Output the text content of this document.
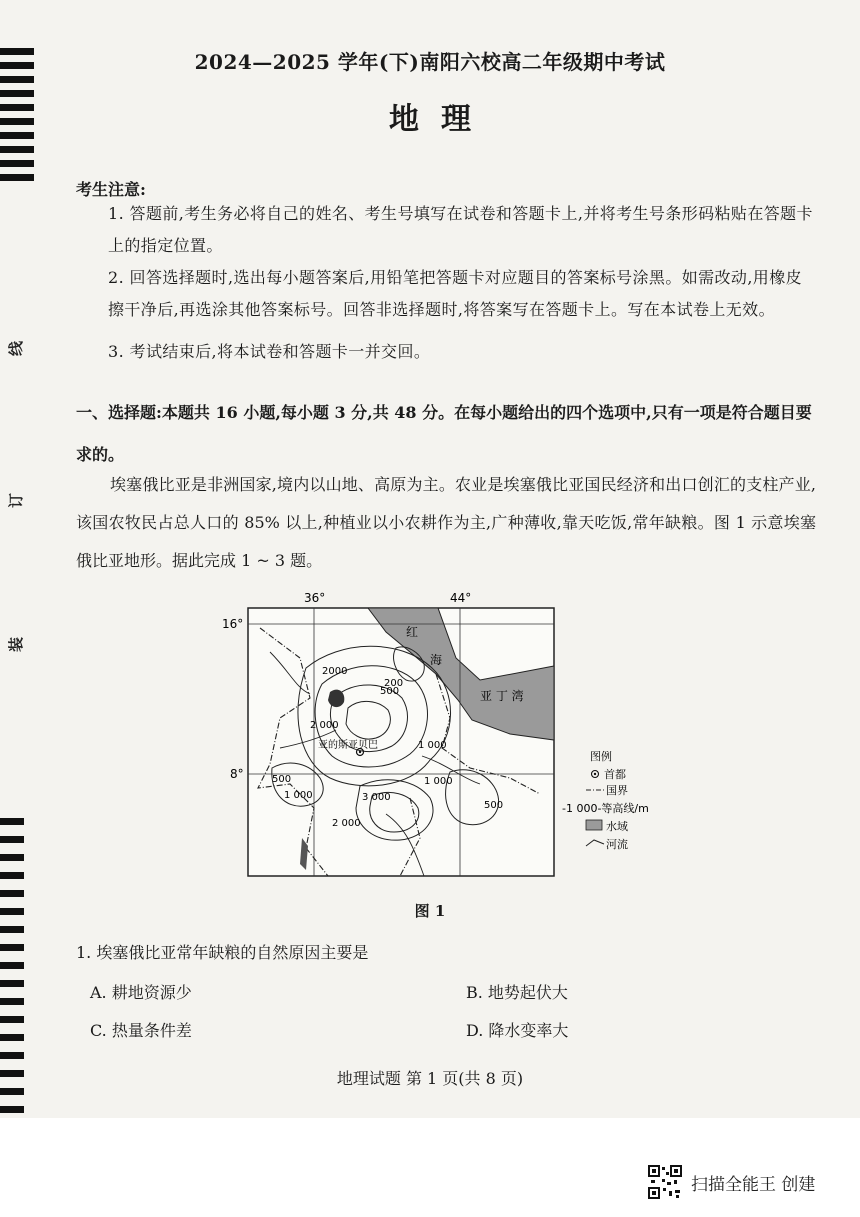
线
订
装
2024—2025 学年(下)南阳六校高二年级期中考试
地理
考生注意:
1. 答题前,考生务必将自己的姓名、考生号填写在试卷和答题卡上,并将考生号条形码粘贴在答题卡上的指定位置。
2. 回答选择题时,选出每小题答案后,用铅笔把答题卡对应题目的答案标号涂黑。如需改动,用橡皮擦干净后,再选涂其他答案标号。回答非选择题时,将答案写在答题卡上。写在本试卷上无效。
3. 考试结束后,将本试卷和答题卡一并交回。
一、选择题:本题共 16 小题,每小题 3 分,共 48 分。在每小题给出的四个选项中,只有一项是符合题目要求的。
埃塞俄比亚是非洲国家,境内以山地、高原为主。农业是埃塞俄比亚国民经济和出口创汇的支柱产业,该国农牧民占总人口的 85% 以上,种植业以小农耕作为主,广种薄收,靠天吃饭,常年缺粮。图 1 示意埃塞俄比亚地形。据此完成 1 ~ 3 题。
36°	44°
16°
8°
红
海
亚 丁 湾
亚的斯亚贝巴
2000
200
500
1 000
500
1 000
1 000
3 000
2 000
500
2 000
图例
首都
国界
-1 000-等高线/m
水域
河流
图 1
1. 埃塞俄比亚常年缺粮的自然原因主要是
A. 耕地资源少	B. 地势起伏大
C. 热量条件差	D. 降水变率大
地理试题 第 1 页(共 8 页)
扫描全能王 创建
